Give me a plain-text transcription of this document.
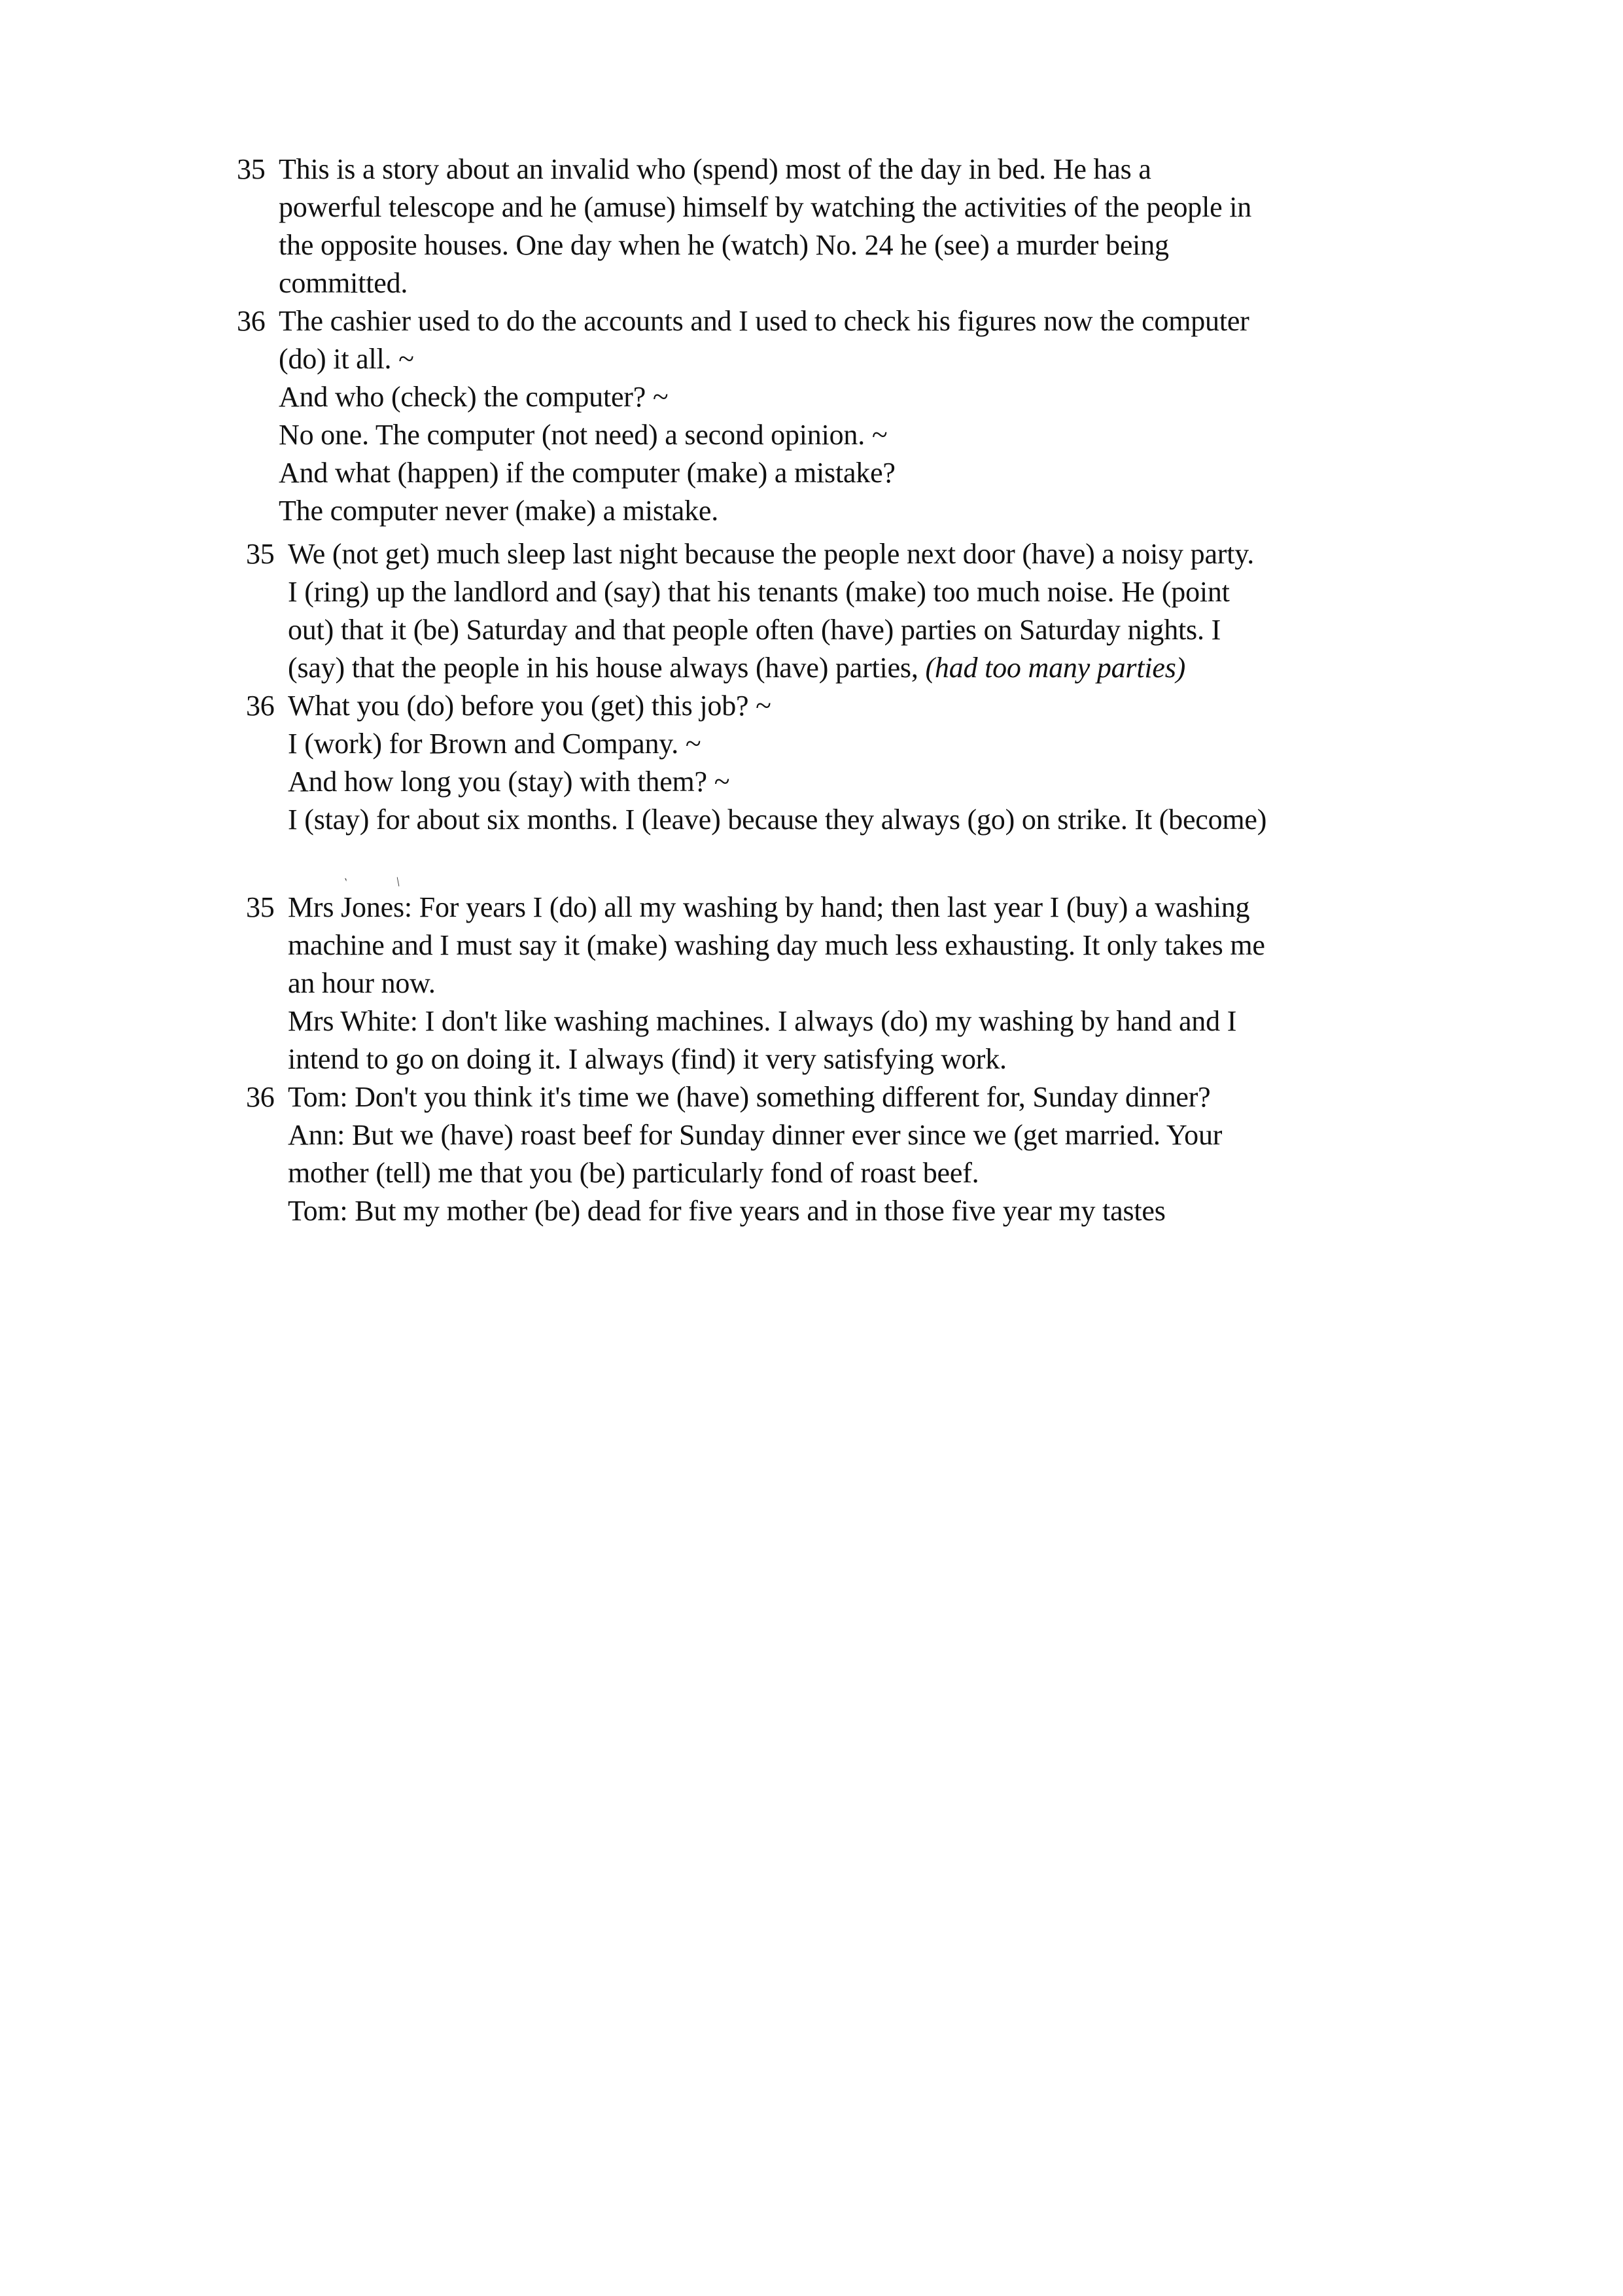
35 This is a story about an invalid who (spend) most of the day in bed. He has a
powerful telescope and he (amuse) himself by watching the activities of the people in
the opposite houses. One day when he (watch) No. 24 he (see) a murder being
committed.
36 The cashier used to do the accounts and I used to check his figures now the computer
(do) it all. ~
And who (check) the computer? ~
No one. The computer (not need) a second opinion. ~
And what (happen) if the computer (make) a mistake?
The computer never (make) a mistake.
35 We (not get) much sleep last night because the people next door (have) a noisy party.
I (ring) up the landlord and (say) that his tenants (make) too much noise. He (point
out) that it (be) Saturday and that people often (have) parties on Saturday nights. I
(say) that the people in his house always (have) parties, (had too many parties)
36 What you (do) before you (get) this job? ~
I (work) for Brown and Company. ~
And how long you (stay) with them? ~
I (stay) for about six months. I (leave) because they always (go) on strike. It (become)
`	/
35 Mrs Jones: For years I (do) all my washing by hand; then last year I (buy) a washing
machine and I must say it (make) washing day much less exhausting. It only takes me
an hour now.
Mrs White: I don't like washing machines. I always (do) my washing by hand and I
intend to go on doing it. I always (find) it very satisfying work.
36 Tom: Don't you think it's time we (have) something different for, Sunday dinner?
Ann: But we (have) roast beef for Sunday dinner ever since we (get married. Your
mother (tell) me that you (be) particularly fond of roast beef.
Tom: But my mother (be) dead for five years and in those five year my tastes
